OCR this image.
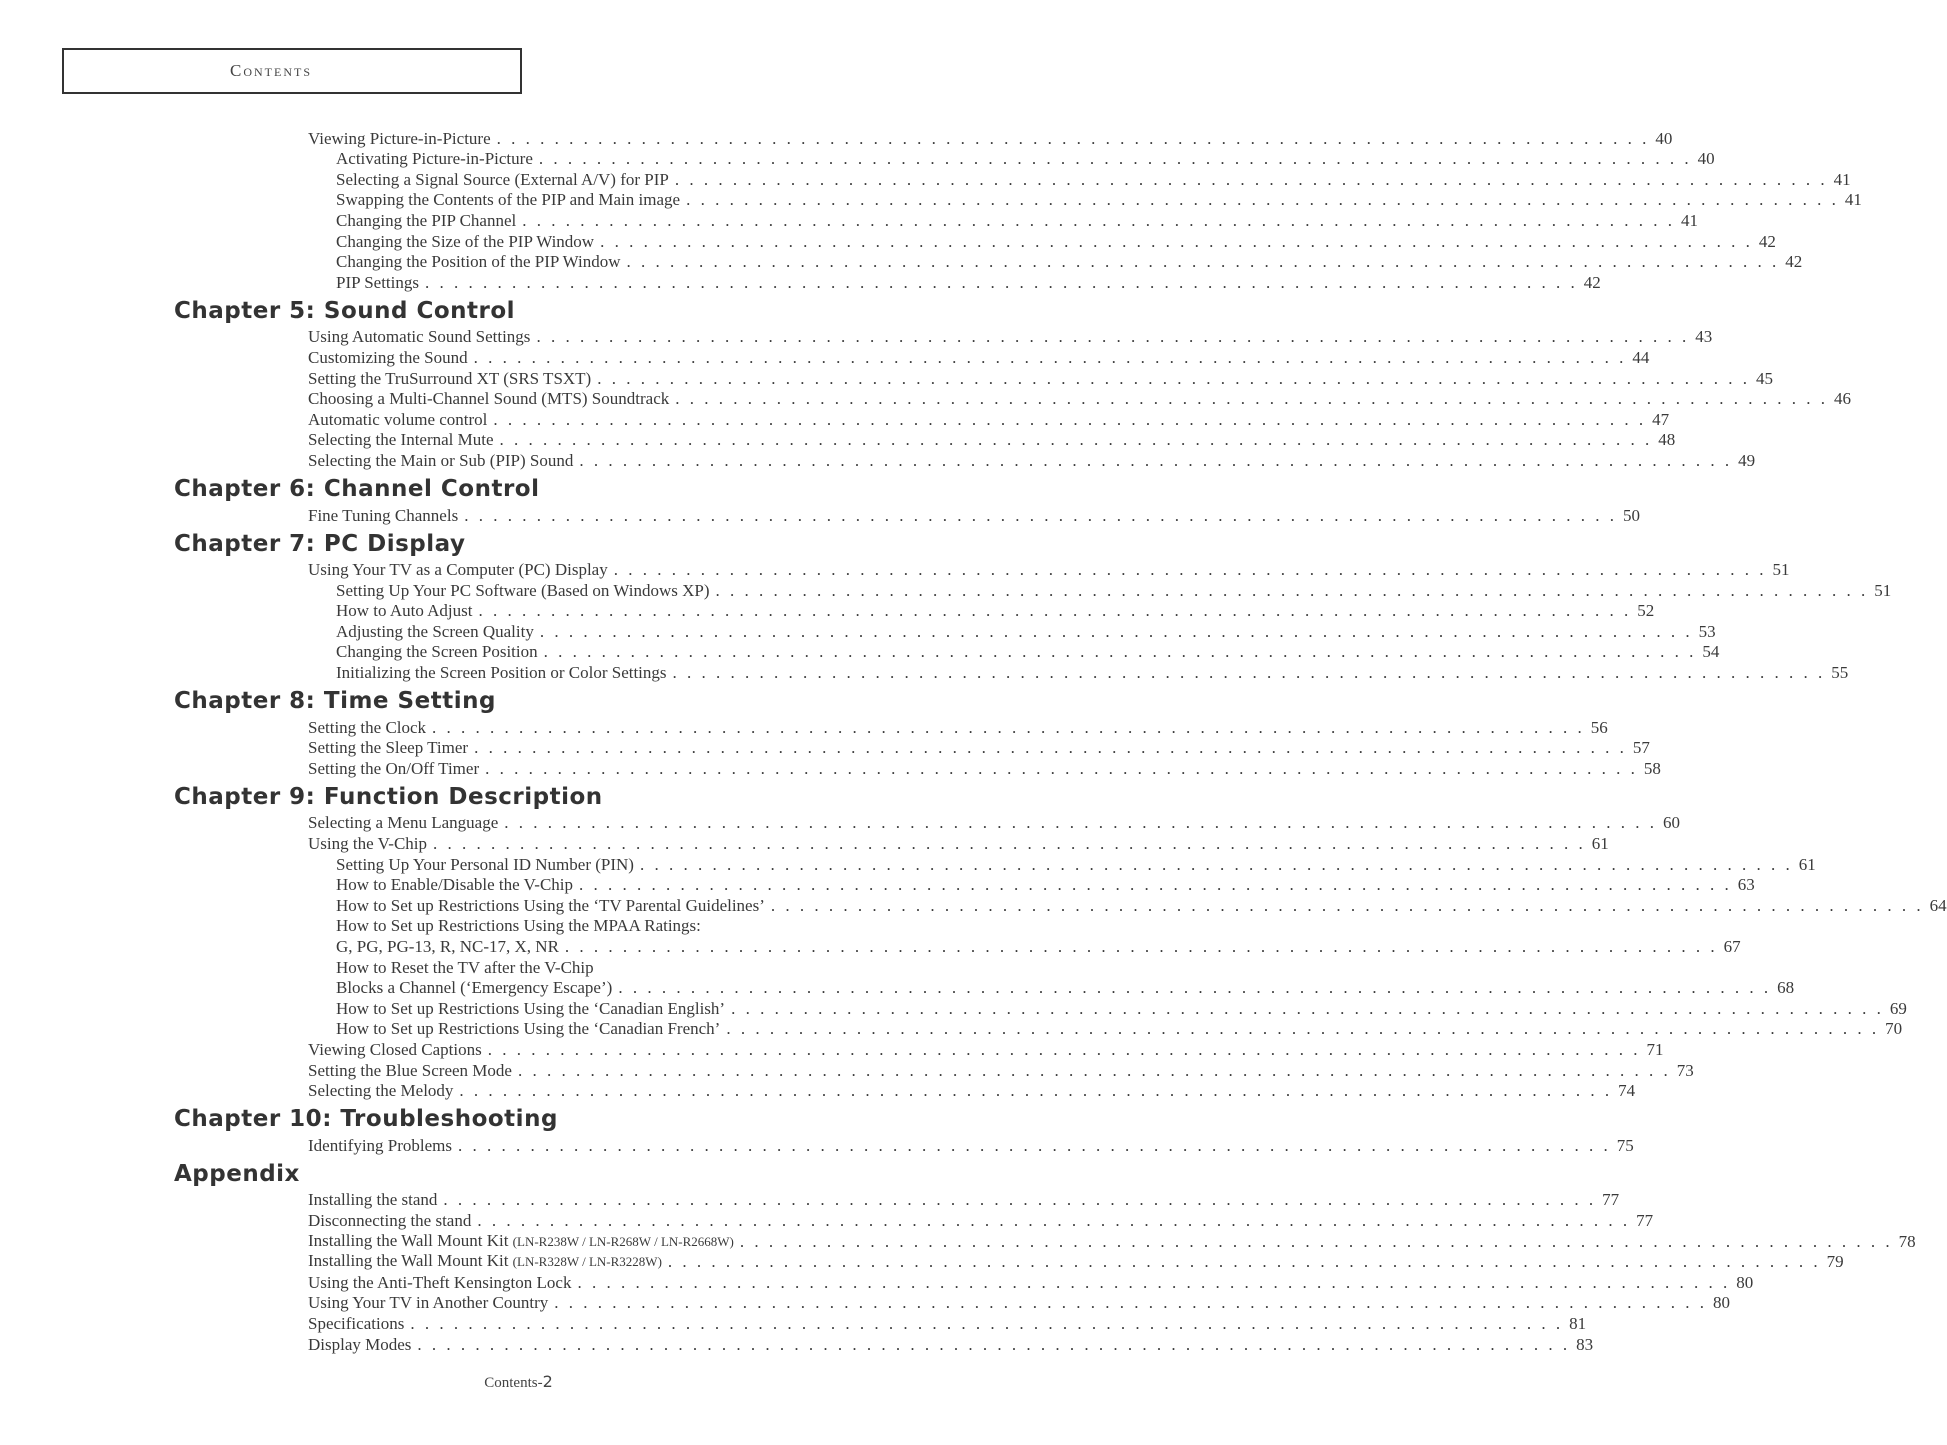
Contents
Viewing Picture-in-Picture . . . . . . . . . . . . . . . . . . . . . . . . . . . . . . . . . . . . . . . . . . . . . . . . . . . . . . . . . . . . . . . . . . . . . . . . . . . . . . . . 40
Activating Picture-in-Picture . . . . . . . . . . . . . . . . . . . . . . . . . . . . . . . . . . . . . . . . . . . . . . . . . . . . . . . . . . . . . . . . . . . . . . . . . . . . . . . . 40
Selecting a Signal Source (External A/V) for PIP . . . . . . . . . . . . . . . . . . . . . . . . . . . . . . . . . . . . . . . . . . . . . . . . . . . . . . . . . . . . . . . . . . . . . . . . . . . . . . . . 41
Swapping the Contents of the PIP and Main image . . . . . . . . . . . . . . . . . . . . . . . . . . . . . . . . . . . . . . . . . . . . . . . . . . . . . . . . . . . . . . . . . . . . . . . . . . . . . . . . 41
Changing the PIP Channel . . . . . . . . . . . . . . . . . . . . . . . . . . . . . . . . . . . . . . . . . . . . . . . . . . . . . . . . . . . . . . . . . . . . . . . . . . . . . . . . 41
Changing the Size of the PIP Window . . . . . . . . . . . . . . . . . . . . . . . . . . . . . . . . . . . . . . . . . . . . . . . . . . . . . . . . . . . . . . . . . . . . . . . . . . . . . . . . 42
Changing the Position of the PIP Window . . . . . . . . . . . . . . . . . . . . . . . . . . . . . . . . . . . . . . . . . . . . . . . . . . . . . . . . . . . . . . . . . . . . . . . . . . . . . . . . 42
PIP Settings . . . . . . . . . . . . . . . . . . . . . . . . . . . . . . . . . . . . . . . . . . . . . . . . . . . . . . . . . . . . . . . . . . . . . . . . . . . . . . . . 42
Chapter 5: Sound Control
Using Automatic Sound Settings . . . . . . . . . . . . . . . . . . . . . . . . . . . . . . . . . . . . . . . . . . . . . . . . . . . . . . . . . . . . . . . . . . . . . . . . . . . . . . . . 43
Customizing the Sound . . . . . . . . . . . . . . . . . . . . . . . . . . . . . . . . . . . . . . . . . . . . . . . . . . . . . . . . . . . . . . . . . . . . . . . . . . . . . . . . 44
Setting the TruSurround XT (SRS TSXT) . . . . . . . . . . . . . . . . . . . . . . . . . . . . . . . . . . . . . . . . . . . . . . . . . . . . . . . . . . . . . . . . . . . . . . . . . . . . . . . . 45
Choosing a Multi-Channel Sound (MTS) Soundtrack . . . . . . . . . . . . . . . . . . . . . . . . . . . . . . . . . . . . . . . . . . . . . . . . . . . . . . . . . . . . . . . . . . . . . . . . . . . . . . . . 46
Automatic volume control . . . . . . . . . . . . . . . . . . . . . . . . . . . . . . . . . . . . . . . . . . . . . . . . . . . . . . . . . . . . . . . . . . . . . . . . . . . . . . . . 47
Selecting the Internal Mute . . . . . . . . . . . . . . . . . . . . . . . . . . . . . . . . . . . . . . . . . . . . . . . . . . . . . . . . . . . . . . . . . . . . . . . . . . . . . . . . 48
Selecting the Main or Sub (PIP) Sound . . . . . . . . . . . . . . . . . . . . . . . . . . . . . . . . . . . . . . . . . . . . . . . . . . . . . . . . . . . . . . . . . . . . . . . . . . . . . . . . 49
Chapter 6: Channel Control
Fine Tuning Channels . . . . . . . . . . . . . . . . . . . . . . . . . . . . . . . . . . . . . . . . . . . . . . . . . . . . . . . . . . . . . . . . . . . . . . . . . . . . . . . . 50
Chapter 7: PC Display
Using Your TV as a Computer (PC) Display . . . . . . . . . . . . . . . . . . . . . . . . . . . . . . . . . . . . . . . . . . . . . . . . . . . . . . . . . . . . . . . . . . . . . . . . . . . . . . . . 51
Setting Up Your PC Software (Based on Windows XP) . . . . . . . . . . . . . . . . . . . . . . . . . . . . . . . . . . . . . . . . . . . . . . . . . . . . . . . . . . . . . . . . . . . . . . . . . . . . . . . . 51
How to Auto Adjust . . . . . . . . . . . . . . . . . . . . . . . . . . . . . . . . . . . . . . . . . . . . . . . . . . . . . . . . . . . . . . . . . . . . . . . . . . . . . . . . 52
Adjusting the Screen Quality . . . . . . . . . . . . . . . . . . . . . . . . . . . . . . . . . . . . . . . . . . . . . . . . . . . . . . . . . . . . . . . . . . . . . . . . . . . . . . . . 53
Changing the Screen Position . . . . . . . . . . . . . . . . . . . . . . . . . . . . . . . . . . . . . . . . . . . . . . . . . . . . . . . . . . . . . . . . . . . . . . . . . . . . . . . . 54
Initializing the Screen Position or Color Settings . . . . . . . . . . . . . . . . . . . . . . . . . . . . . . . . . . . . . . . . . . . . . . . . . . . . . . . . . . . . . . . . . . . . . . . . . . . . . . . . 55
Chapter 8: Time Setting
Setting the Clock . . . . . . . . . . . . . . . . . . . . . . . . . . . . . . . . . . . . . . . . . . . . . . . . . . . . . . . . . . . . . . . . . . . . . . . . . . . . . . . . 56
Setting the Sleep Timer . . . . . . . . . . . . . . . . . . . . . . . . . . . . . . . . . . . . . . . . . . . . . . . . . . . . . . . . . . . . . . . . . . . . . . . . . . . . . . . . 57
Setting the On/Off Timer . . . . . . . . . . . . . . . . . . . . . . . . . . . . . . . . . . . . . . . . . . . . . . . . . . . . . . . . . . . . . . . . . . . . . . . . . . . . . . . . 58
Chapter 9: Function Description
Selecting a Menu Language . . . . . . . . . . . . . . . . . . . . . . . . . . . . . . . . . . . . . . . . . . . . . . . . . . . . . . . . . . . . . . . . . . . . . . . . . . . . . . . . 60
Using the V-Chip . . . . . . . . . . . . . . . . . . . . . . . . . . . . . . . . . . . . . . . . . . . . . . . . . . . . . . . . . . . . . . . . . . . . . . . . . . . . . . . . 61
Setting Up Your Personal ID Number (PIN) . . . . . . . . . . . . . . . . . . . . . . . . . . . . . . . . . . . . . . . . . . . . . . . . . . . . . . . . . . . . . . . . . . . . . . . . . . . . . . . . 61
How to Enable/Disable the V-Chip . . . . . . . . . . . . . . . . . . . . . . . . . . . . . . . . . . . . . . . . . . . . . . . . . . . . . . . . . . . . . . . . . . . . . . . . . . . . . . . . 63
How to Set up Restrictions Using the ‘TV Parental Guidelines’ . . . . . . . . . . . . . . . . . . . . . . . . . . . . . . . . . . . . . . . . . . . . . . . . . . . . . . . . . . . . . . . . . . . . . . . . . . . . . . . . 64
How to Set up Restrictions Using the MPAA Ratings:
G, PG, PG-13, R, NC-17, X, NR . . . . . . . . . . . . . . . . . . . . . . . . . . . . . . . . . . . . . . . . . . . . . . . . . . . . . . . . . . . . . . . . . . . . . . . . . . . . . . . . 67
How to Reset the TV after the V-Chip
Blocks a Channel (‘Emergency Escape’) . . . . . . . . . . . . . . . . . . . . . . . . . . . . . . . . . . . . . . . . . . . . . . . . . . . . . . . . . . . . . . . . . . . . . . . . . . . . . . . . 68
How to Set up Restrictions Using the ‘Canadian English’ . . . . . . . . . . . . . . . . . . . . . . . . . . . . . . . . . . . . . . . . . . . . . . . . . . . . . . . . . . . . . . . . . . . . . . . . . . . . . . . . 69
How to Set up Restrictions Using the ‘Canadian French’ . . . . . . . . . . . . . . . . . . . . . . . . . . . . . . . . . . . . . . . . . . . . . . . . . . . . . . . . . . . . . . . . . . . . . . . . . . . . . . . . 70
Viewing Closed Captions . . . . . . . . . . . . . . . . . . . . . . . . . . . . . . . . . . . . . . . . . . . . . . . . . . . . . . . . . . . . . . . . . . . . . . . . . . . . . . . . 71
Setting the Blue Screen Mode . . . . . . . . . . . . . . . . . . . . . . . . . . . . . . . . . . . . . . . . . . . . . . . . . . . . . . . . . . . . . . . . . . . . . . . . . . . . . . . . 73
Selecting the Melody . . . . . . . . . . . . . . . . . . . . . . . . . . . . . . . . . . . . . . . . . . . . . . . . . . . . . . . . . . . . . . . . . . . . . . . . . . . . . . . . 74
Chapter 10: Troubleshooting
Identifying Problems . . . . . . . . . . . . . . . . . . . . . . . . . . . . . . . . . . . . . . . . . . . . . . . . . . . . . . . . . . . . . . . . . . . . . . . . . . . . . . . . 75
Appendix
Installing the stand . . . . . . . . . . . . . . . . . . . . . . . . . . . . . . . . . . . . . . . . . . . . . . . . . . . . . . . . . . . . . . . . . . . . . . . . . . . . . . . . 77
Disconnecting the stand . . . . . . . . . . . . . . . . . . . . . . . . . . . . . . . . . . . . . . . . . . . . . . . . . . . . . . . . . . . . . . . . . . . . . . . . . . . . . . . . 77
Installing the Wall Mount Kit (LN-R238W / LN-R268W / LN-R2668W) . . . . . . . . . . . . . . . . . . . . . . . . . . . . . . . . . . . . . . . . . . . . . . . . . . . . . . . . . . . . . . . . . . . . . . . . . . . . . . . . 78
Installing the Wall Mount Kit (LN-R328W / LN-R3228W) . . . . . . . . . . . . . . . . . . . . . . . . . . . . . . . . . . . . . . . . . . . . . . . . . . . . . . . . . . . . . . . . . . . . . . . . . . . . . . . . 79
Using the Anti-Theft Kensington Lock . . . . . . . . . . . . . . . . . . . . . . . . . . . . . . . . . . . . . . . . . . . . . . . . . . . . . . . . . . . . . . . . . . . . . . . . . . . . . . . . 80
Using Your TV in Another Country . . . . . . . . . . . . . . . . . . . . . . . . . . . . . . . . . . . . . . . . . . . . . . . . . . . . . . . . . . . . . . . . . . . . . . . . . . . . . . . . 80
Specifications . . . . . . . . . . . . . . . . . . . . . . . . . . . . . . . . . . . . . . . . . . . . . . . . . . . . . . . . . . . . . . . . . . . . . . . . . . . . . . . . 81
Display Modes . . . . . . . . . . . . . . . . . . . . . . . . . . . . . . . . . . . . . . . . . . . . . . . . . . . . . . . . . . . . . . . . . . . . . . . . . . . . . . . . 83
Contents-2
